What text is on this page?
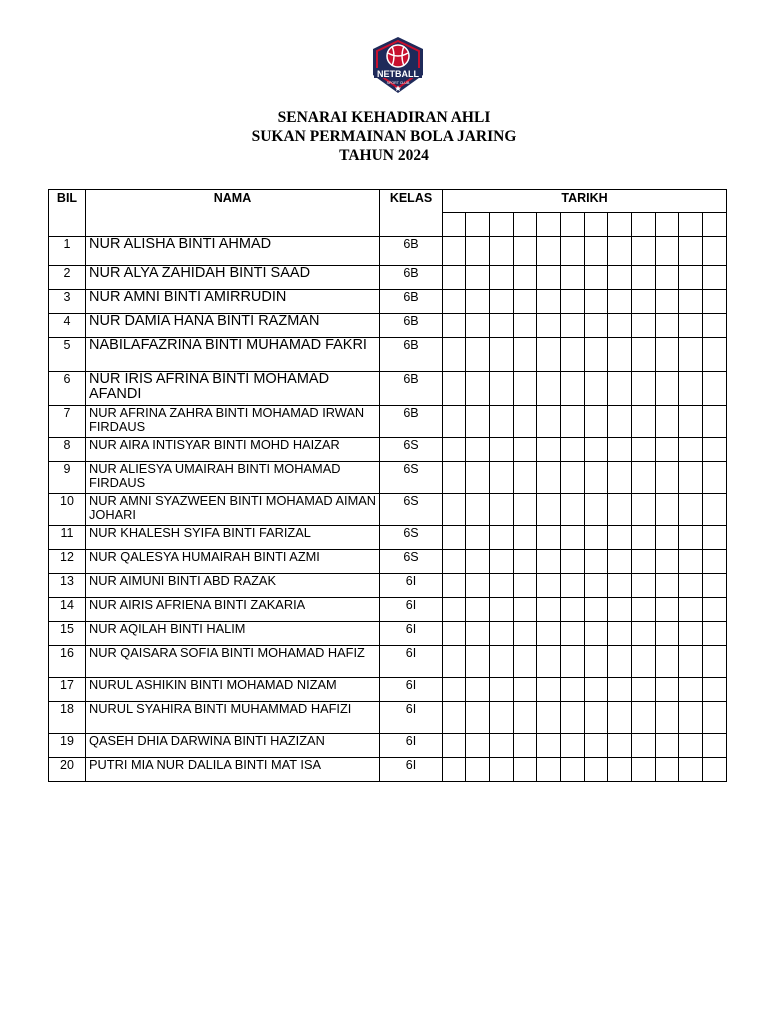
NETBALL
SPORT CLUB
SENARAI KEHADIRAN AHLI
SUKAN PERMAINAN BOLA JARING
TAHUN 2024
BIL	NAMA	KELAS	TARIKH											

1	NUR ALISHA BINTI AHMAD	6B												
2	NUR ALYA ZAHIDAH BINTI SAAD	6B												
3	NUR AMNI BINTI AMIRRUDIN	6B												
4	NUR DAMIA HANA BINTI RAZMAN	6B												
5	NABILAFAZRINA BINTI MUHAMAD FAKRI	6B												
6	NUR IRIS AFRINA BINTI MOHAMAD AFANDI	6B												
7	NUR AFRINA ZAHRA BINTI MOHAMAD IRWAN FIRDAUS	6B												
8	NUR AIRA INTISYAR BINTI MOHD HAIZAR	6S												
9	NUR ALIESYA UMAIRAH BINTI MOHAMAD FIRDAUS	6S												
10	NUR AMNI SYAZWEEN BINTI MOHAMAD AIMAN JOHARI	6S												
11	NUR KHALESH SYIFA BINTI FARIZAL	6S												
12	NUR QALESYA HUMAIRAH BINTI AZMI	6S												
13	NUR AIMUNI BINTI ABD RAZAK	6I												
14	NUR AIRIS AFRIENA BINTI ZAKARIA	6I												
15	NUR AQILAH BINTI HALIM	6I												
16	NUR QAISARA SOFIA BINTI MOHAMAD HAFIZ	6I												
17	NURUL ASHIKIN BINTI MOHAMAD NIZAM	6I												
18	NURUL SYAHIRA BINTI MUHAMMAD HAFIZI	6I												
19	QASEH DHIA DARWINA BINTI HAZIZAN	6I												
20	PUTRI MIA NUR DALILA BINTI MAT ISA	6I												
